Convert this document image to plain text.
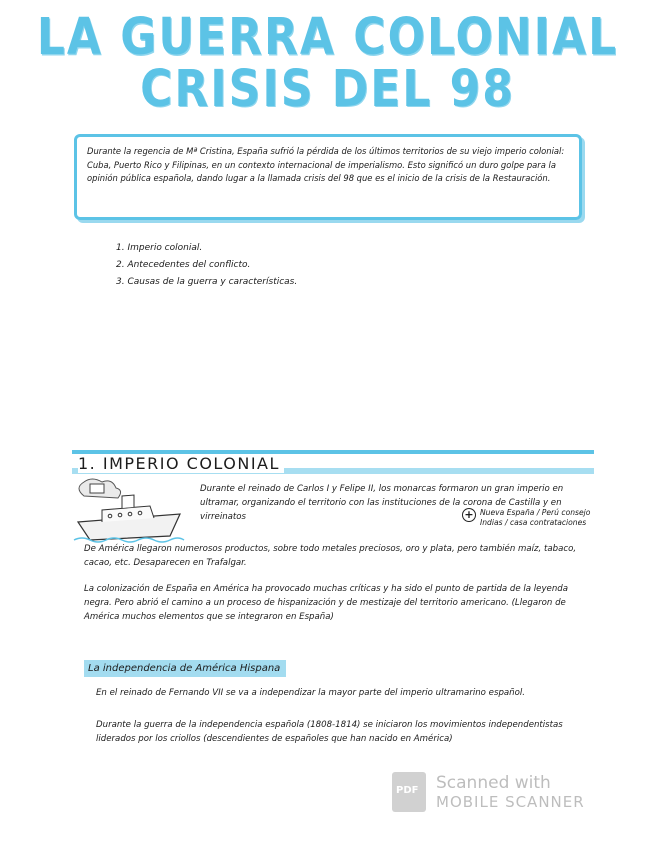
LA GUERRA COLONIAL
CRISIS DEL 98

Durante la regencia de Mª Cristina, España sufrió la pérdida de los últimos territorios de su viejo imperio colonial: Cuba, Puerto Rico y Filipinas, en un contexto internacional de imperialismo. Esto significó un duro golpe para la opinión pública española, dando lugar a la llamada crisis del 98 que es el inicio de la crisis de la Restauración.

1. Imperio colonial.
2. Antecedentes del conflicto.
3. Causas de la guerra y características.
1. IMPERIO COLONIAL

Durante el reinado de Carlos I y Felipe II, los monarcas formaron un gran imperio en ultramar, organizando el territorio con las instituciones de la corona de Castilla y en virreinatos	+ Nueva España / Perú consejo Indias / casa contrataciones

De América llegaron numerosos productos, sobre todo metales preciosos, oro y plata, pero también maíz, tabaco, cacao, etc. Desaparecen en Trafalgar.

La colonización de España en América ha provocado muchas críticas y ha sido el punto de partida de la leyenda negra. Pero abrió el camino a un proceso de hispanización y de mestizaje del territorio americano. (Llegaron de América muchos elementos que se integraron en España)

La independencia de América Hispana

En el reinado de Fernando VII se va a independizar la mayor parte del imperio ultramarino español.

Durante la guerra de la independencia española (1808-1814) se iniciaron los movimientos independentistas liderados por los criollos (descendientes de españoles que han nacido en América)

PDF Scanned with
MOBILE SCANNER
